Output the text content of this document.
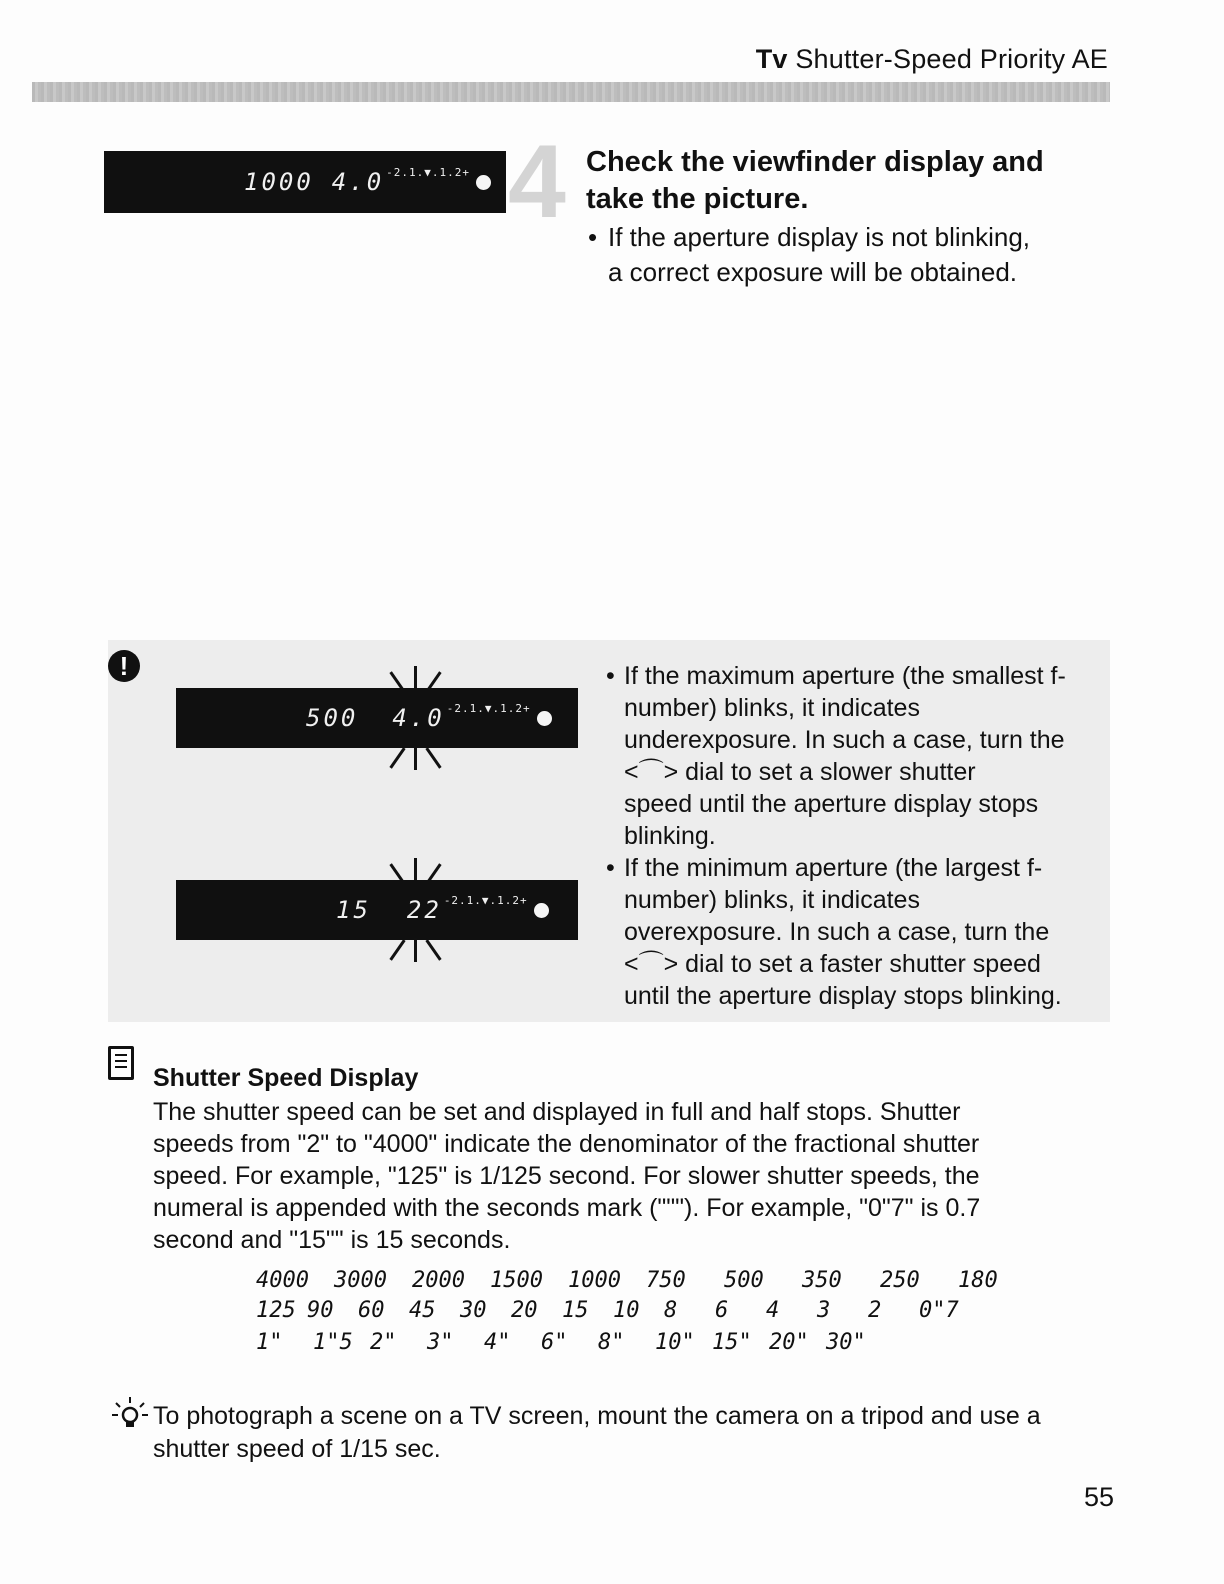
Tv Shutter-Speed Priority AE
1000 4.0 -2.1.▼.1.2+ 4 Check the viewfinder display and take the picture.
• If the aperture display is not blinking,
a correct exposure will be obtained.
!
500 4.0 -2.1.▼.1.2+
15 22 -2.1.▼.1.2+
• If the maximum aperture (the smallest f-
number) blinks, it indicates
underexposure. In such a case, turn the
<⌒> dial to set a slower shutter
speed until the aperture display stops
blinking.
• If the minimum aperture (the largest f-
number) blinks, it indicates
overexposure. In such a case, turn the
<⌒> dial to set a faster shutter speed
until the aperture display stops blinking.
Shutter Speed Display
The shutter speed can be set and displayed in full and half stops. Shutter
speeds from "2" to "4000" indicate the denominator of the fractional shutter
speed. For example, "125" is 1/125 second. For slower shutter speeds, the
numeral is appended with the seconds mark ("""). For example, "0"7" is 0.7
second and "15"" is 15 seconds.
4000 3000 2000 1500 1000 750 500 350 250 180
125 90 60 45 30 20 15 10 8 6 4 3 2 0"7
1" 1"5 2" 3" 4" 6" 8" 10" 15" 20" 30"
To photograph a scene on a TV screen, mount the camera on a tripod and use a
shutter speed of 1/15 sec.
55
